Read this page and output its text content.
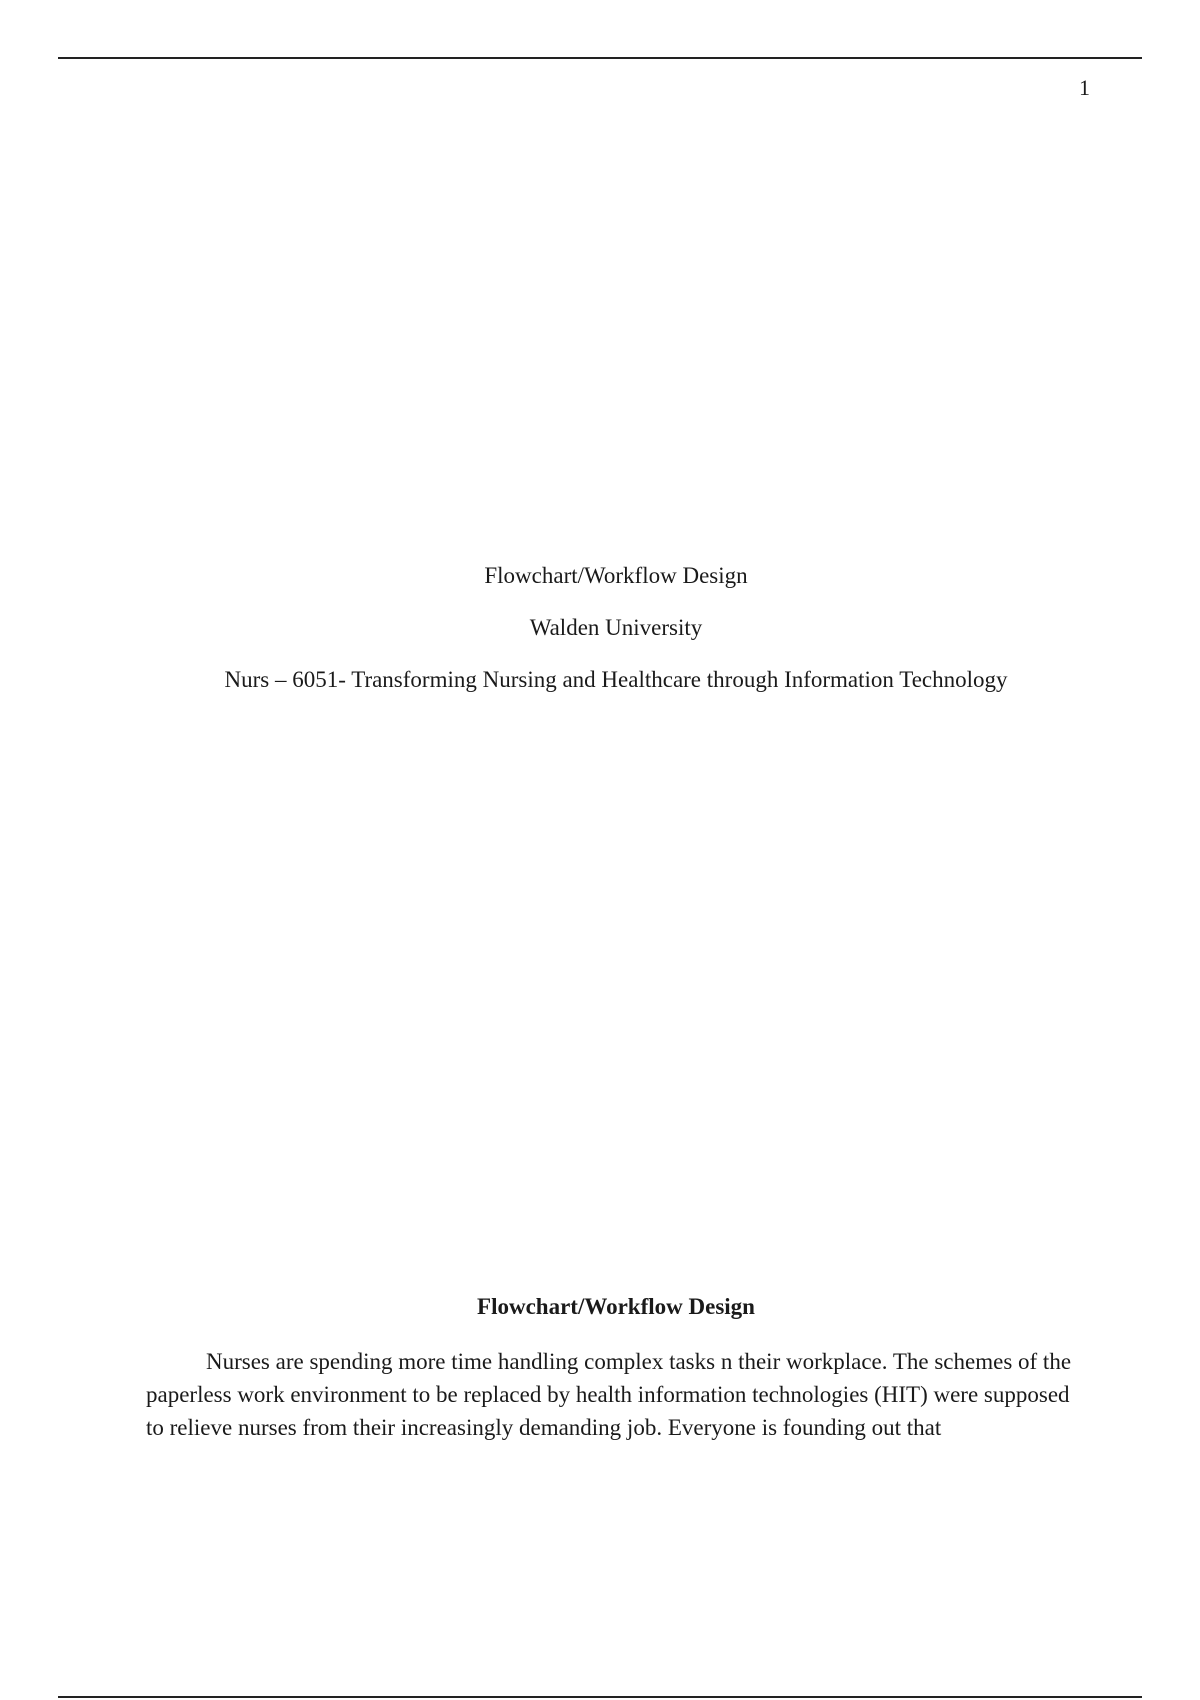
1

Flowchart/Workflow Design

Walden University

Nurs – 6051- Transforming Nursing and Healthcare through Information Technology

Flowchart/Workflow Design

Nurses are spending more time handling complex tasks n their workplace. The schemes of the paperless work environment to be replaced by health information technologies (HIT) were supposed to relieve nurses from their increasingly demanding job. Everyone is founding out that
